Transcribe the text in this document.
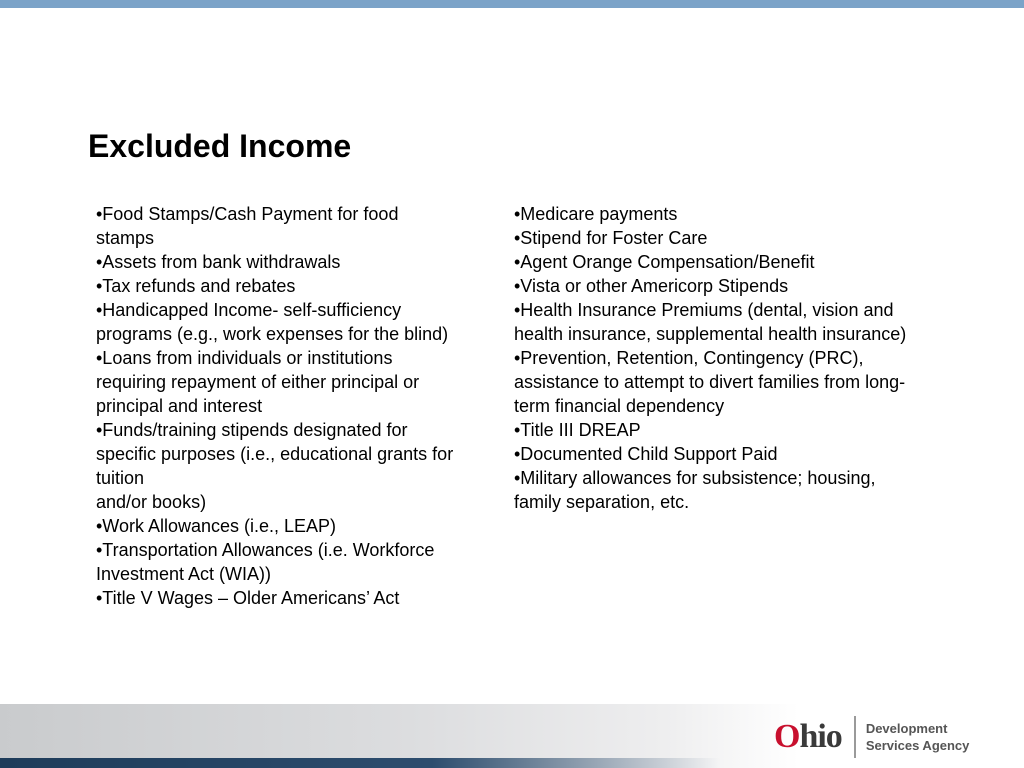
Excluded Income
•Food Stamps/Cash Payment for food
stamps
•Assets from bank withdrawals
•Tax refunds and rebates
•Handicapped Income- self-sufficiency
programs (e.g., work expenses for the blind)
•Loans from individuals or institutions
requiring repayment of either principal or
principal and interest
•Funds/training stipends designated for
specific purposes (i.e., educational grants for
tuition
and/or books)
•Work Allowances (i.e., LEAP)
•Transportation Allowances (i.e. Workforce
Investment Act (WIA))
•Title V Wages – Older Americans’ Act
•Medicare payments
•Stipend for Foster Care
•Agent Orange Compensation/Benefit
•Vista or other Americorp Stipends
•Health Insurance Premiums (dental, vision and
health insurance, supplemental health insurance)
•Prevention, Retention, Contingency (PRC),
assistance to attempt to divert families from long-
term financial dependency
•Title III DREAP
•Documented Child Support Paid
•Military allowances for subsistence; housing,
family separation, etc.
Ohio Development
Services Agency
